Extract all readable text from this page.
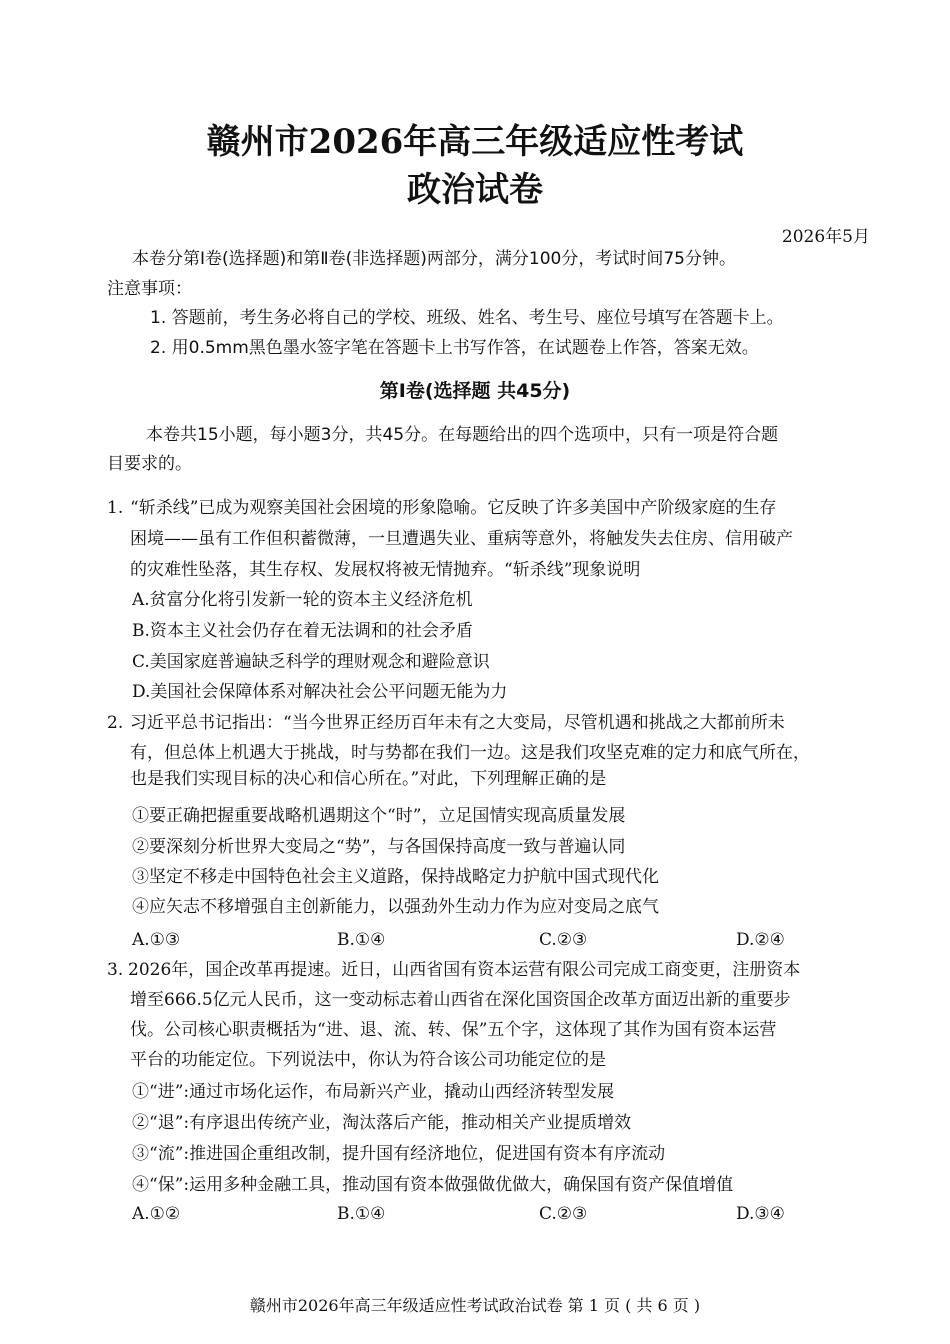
赣州市2026年高三年级适应性考试
政治试卷
2026年5月
本卷分第Ⅰ卷(选择题)和第Ⅱ卷(非选择题)两部分，满分100分，考试时间75分钟。
注意事项：
1. 答题前，考生务必将自己的学校、班级、姓名、考生号、座位号填写在答题卡上。
2. 用0.5mm黑色墨水签字笔在答题卡上书写作答，在试题卷上作答，答案无效。
第Ⅰ卷(选择题 共45分)
本卷共15小题，每小题3分，共45分。在每题给出的四个选项中，只有一项是符合题
目要求的。
1. “斩杀线”已成为观察美国社会困境的形象隐喻。它反映了许多美国中产阶级家庭的生存
困境——虽有工作但积蓄微薄，一旦遭遇失业、重病等意外，将触发失去住房、信用破产
的灾难性坠落，其生存权、发展权将被无情抛弃。“斩杀线”现象说明
A.贫富分化将引发新一轮的资本主义经济危机
B.资本主义社会仍存在着无法调和的社会矛盾
C.美国家庭普遍缺乏科学的理财观念和避险意识
D.美国社会保障体系对解决社会公平问题无能为力
2. 习近平总书记指出：“当今世界正经历百年未有之大变局，尽管机遇和挑战之大都前所未
有，但总体上机遇大于挑战，时与势都在我们一边。这是我们攻坚克难的定力和底气所在，
也是我们实现目标的决心和信心所在。”对此，下列理解正确的是
①要正确把握重要战略机遇期这个“时”，立足国情实现高质量发展
②要深刻分析世界大变局之“势”，与各国保持高度一致与普遍认同
③坚定不移走中国特色社会主义道路，保持战略定力护航中国式现代化
④应矢志不移增强自主创新能力，以强劲外生动力作为应对变局之底气
A.①③	B.①④	C.②③	D.②④
3. 2026年，国企改革再提速。近日，山西省国有资本运营有限公司完成工商变更，注册资本
增至666.5亿元人民币，这一变动标志着山西省在深化国资国企改革方面迈出新的重要步
伐。公司核心职责概括为“进、退、流、转、保”五个字，这体现了其作为国有资本运营
平台的功能定位。下列说法中，你认为符合该公司功能定位的是
①“进”:通过市场化运作，布局新兴产业，撬动山西经济转型发展
②“退”:有序退出传统产业，淘汰落后产能，推动相关产业提质增效
③“流”:推进国企重组改制，提升国有经济地位，促进国有资本有序流动
④“保”:运用多种金融工具，推动国有资本做强做优做大，确保国有资产保值增值
A.①②	B.①④	C.②③	D.③④
赣州市2026年高三年级适应性考试政治试卷 第 1 页 ( 共 6 页 )
